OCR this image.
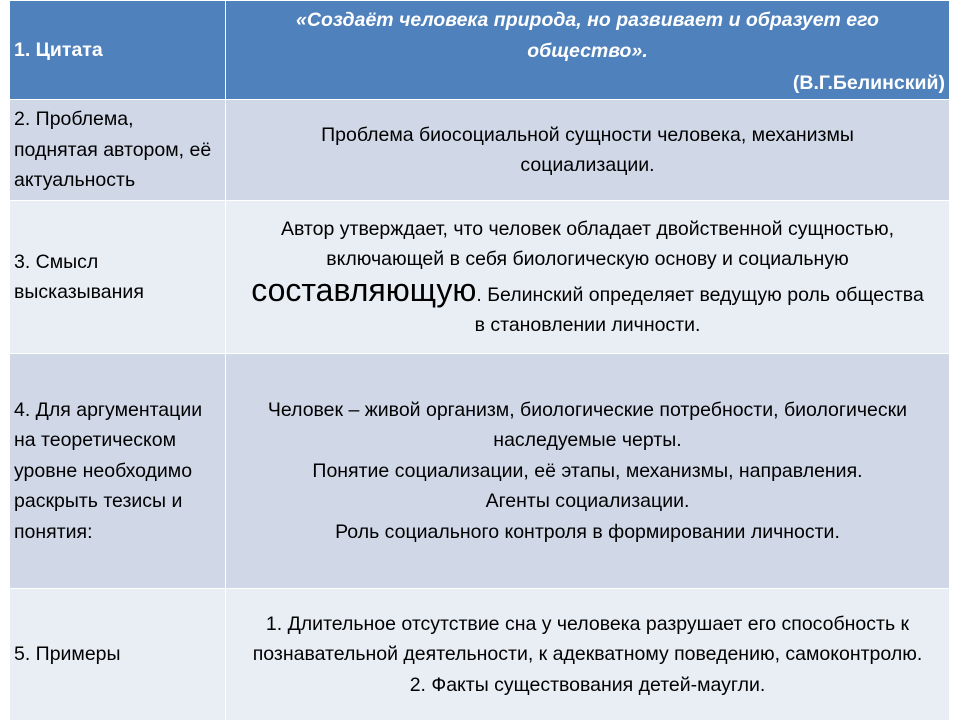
1. Цитата	«Создаёт человека природа, но развивает и образует его
общество».
(В.Г.Белинский)

2. Проблема, поднятая автором, её актуальность	Проблема биосоциальной сущности человека, механизмы социализации.
3. Смысл высказывания	Автор утверждает, что человек обладает двойственной сущностью, включающей в себя биологическую основу и социальную составляющую. Белинский определяет ведущую роль общества в становлении личности.
4. Для аргументации на теоретическом уровне необходимо раскрыть тезисы и понятия:	Человек – живой организм, биологические потребности, биологически наследуемые черты.
Понятие социализации, её этапы, механизмы, направления.
Агенты социализации.
Роль социального контроля в формировании личности.

5. Примеры	1. Длительное отсутствие сна у человека разрушает его способность к познавательной деятельности, к адекватному поведению, самоконтролю.
2. Факты существования детей-маугли.
